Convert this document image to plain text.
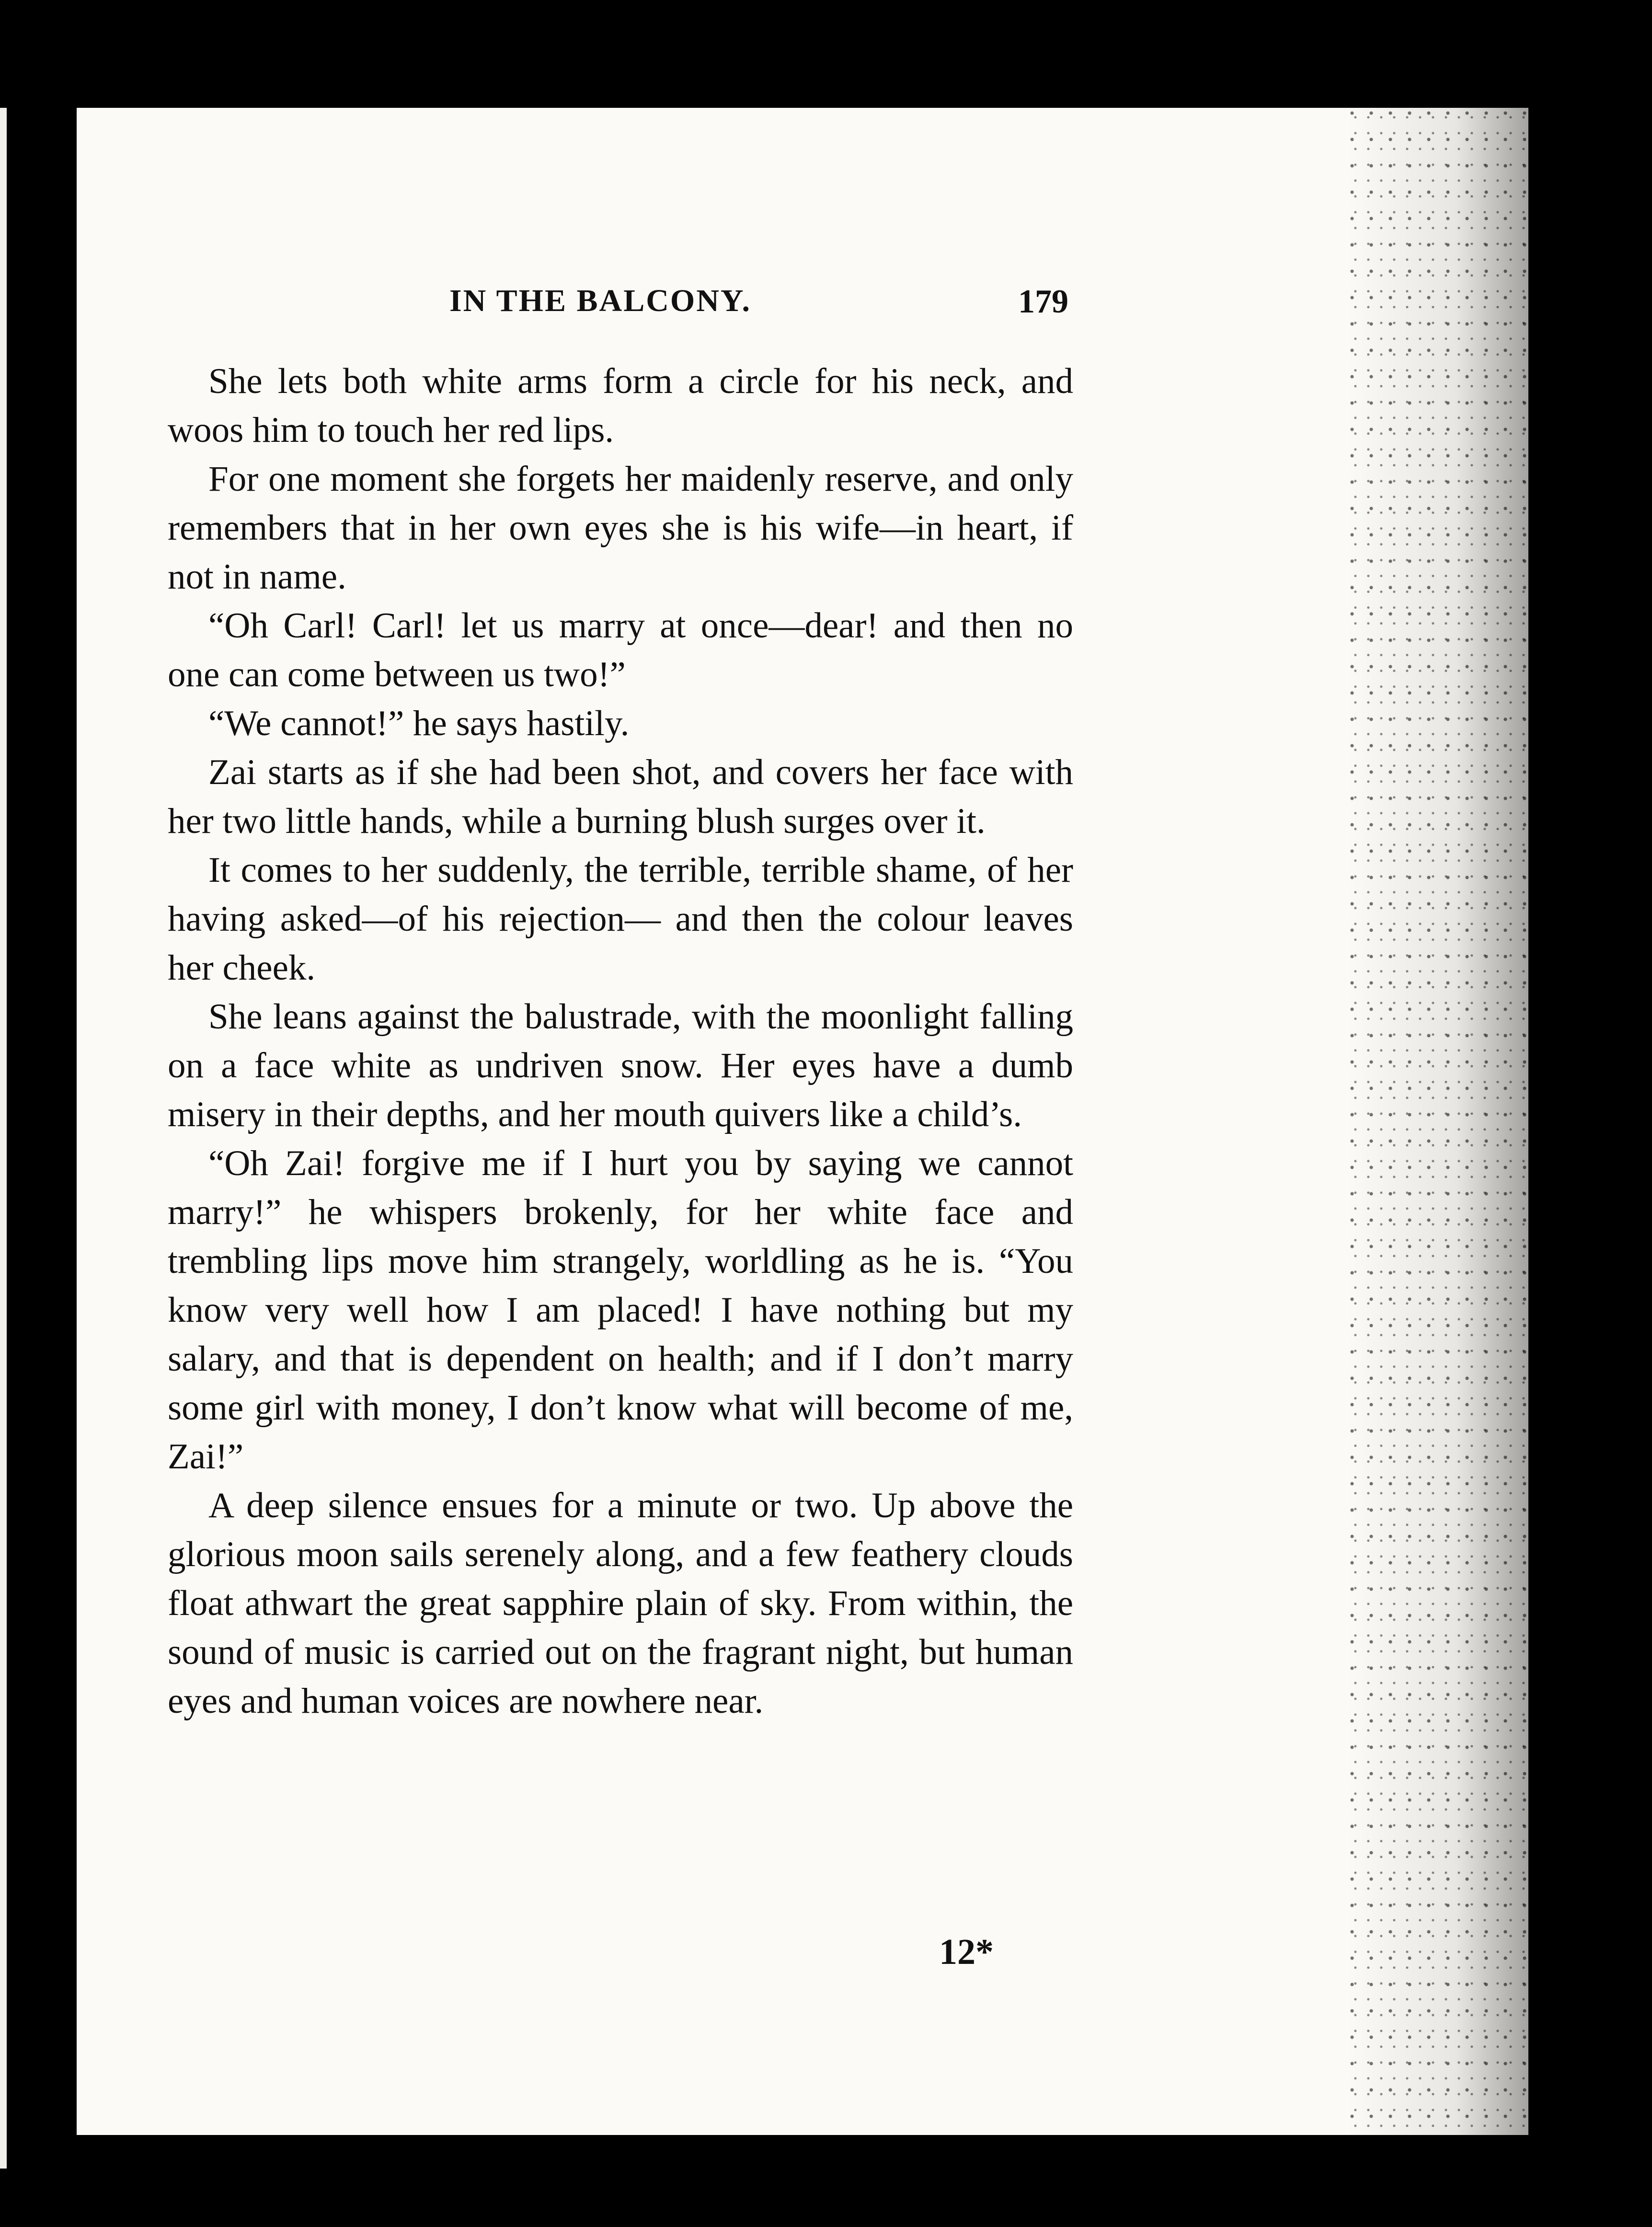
IN THE BALCONY.	179

She lets both white arms form a circle for his neck, and woos him to touch her red lips.

For one moment she forgets her maidenly reserve, and only remembers that in her own eyes she is his wife—in heart, if not in name.

“Oh Carl! Carl! let us marry at once—dear! and then no one can come between us two!”

“We cannot!” he says hastily.

Zai starts as if she had been shot, and covers her face with her two little hands, while a burning blush surges over it.

It comes to her suddenly, the terrible, terrible shame, of her having asked—of his rejection— and then the colour leaves her cheek.

She leans against the balustrade, with the moonlight falling on a face white as undriven snow. Her eyes have a dumb misery in their depths, and her mouth quivers like a child’s.

“Oh Zai! forgive me if I hurt you by saying we cannot marry!” he whispers brokenly, for her white face and trembling lips move him strangely, worldling as he is. “You know very well how I am placed! I have nothing but my salary, and that is dependent on health; and if I don’t marry some girl with money, I don’t know what will become of me, Zai!”

A deep silence ensues for a minute or two. Up above the glorious moon sails serenely along, and a few feathery clouds float athwart the great sapphire plain of sky. From within, the sound of music is carried out on the fragrant night, but human eyes and human voices are nowhere near.

12*
